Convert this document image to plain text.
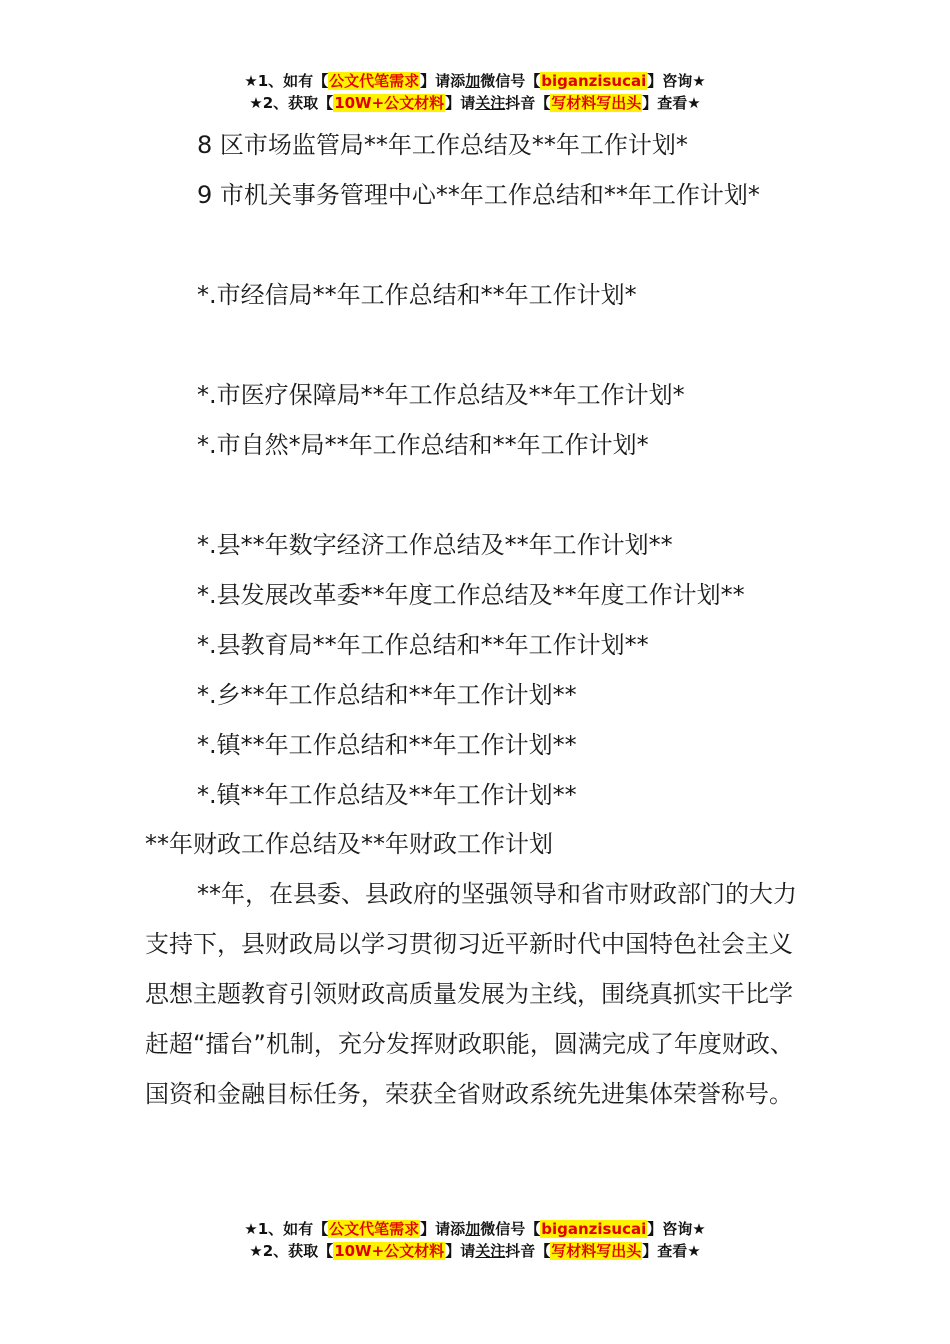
★1、如有【公文代笔需求】请添加微信号【biganzisucai】咨询★
★2、获取【10W+公文材料】请关注抖音【写材料写出头】查看★
8 区市场监管局**年工作总结及**年工作计划*
9 市机关事务管理中心**年工作总结和**年工作计划*
*.市经信局**年工作总结和**年工作计划*
*.市医疗保障局**年工作总结及**年工作计划*
*.市自然*局**年工作总结和**年工作计划*
*.县**年数字经济工作总结及**年工作计划**
*.县发展改革委**年度工作总结及**年度工作计划**
*.县教育局**年工作总结和**年工作计划**
*.乡**年工作总结和**年工作计划**
*.镇**年工作总结和**年工作计划**
*.镇**年工作总结及**年工作计划**
**年财政工作总结及**年财政工作计划
**年，在县委、县政府的坚强领导和省市财政部门的大力支持下，县财政局以学习贯彻习近平新时代中国特色社会主义思想主题教育引领财政高质量发展为主线，围绕真抓实干比学赶超“擂台”机制，充分发挥财政职能，圆满完成了年度财政、国资和金融目标任务，荣获全省财政系统先进集体荣誉称号。
★1、如有【公文代笔需求】请添加微信号【biganzisucai】咨询★
★2、获取【10W+公文材料】请关注抖音【写材料写出头】查看★
